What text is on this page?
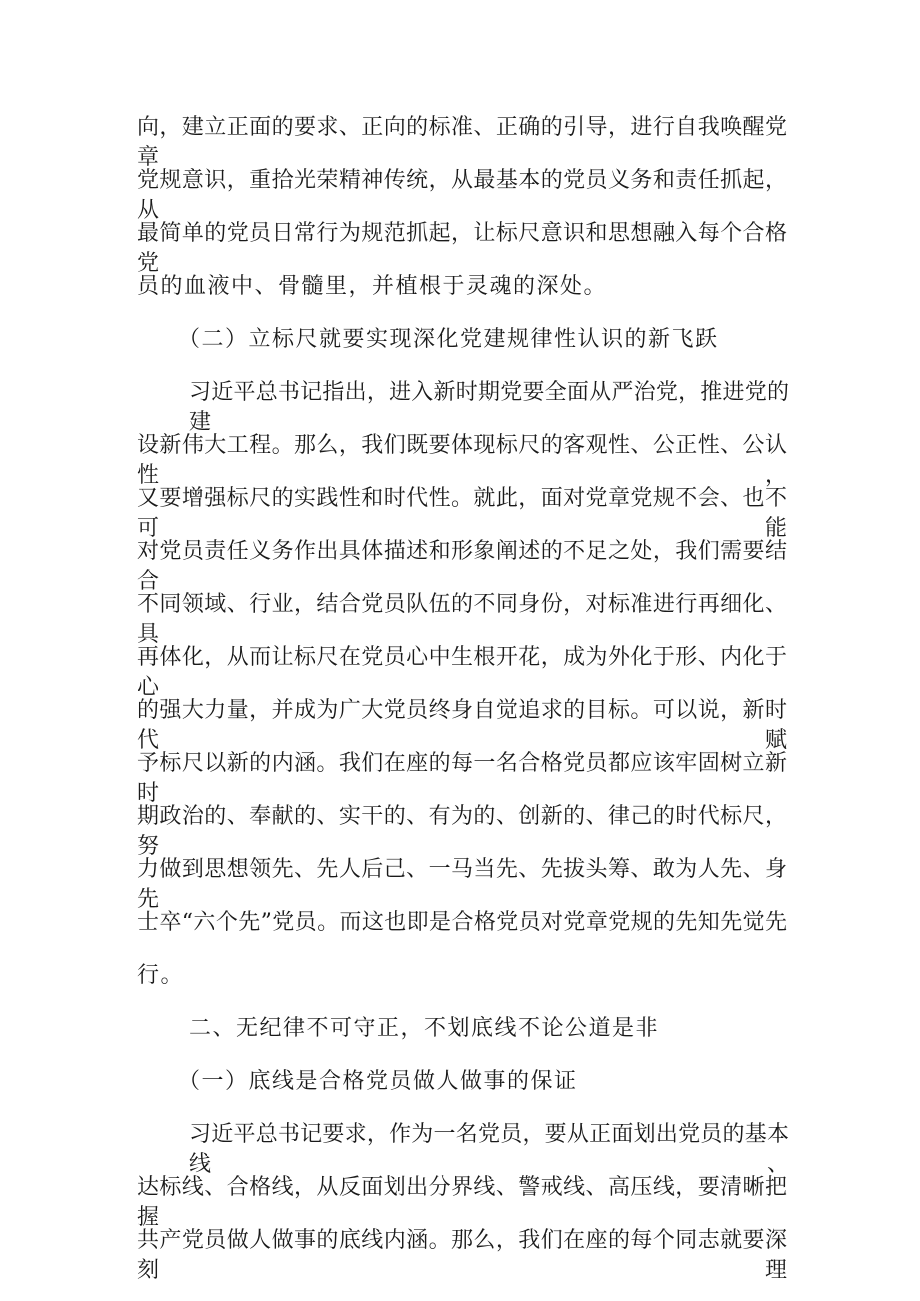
向，建立正面的要求、正向的标准、正确的引导，进行自我唤醒党章
党规意识，重拾光荣精神传统，从最基本的党员义务和责任抓起，从
最简单的党员日常行为规范抓起，让标尺意识和思想融入每个合格党
员的血液中、骨髓里，并植根于灵魂的深处。
（二）立标尺就要实现深化党建规律性认识的新飞跃
习近平总书记指出，进入新时期党要全面从严治党，推进党的建
设新伟大工程。那么，我们既要体现标尺的客观性、公正性、公认性，
又要增强标尺的实践性和时代性。就此，面对党章党规不会、也不可能
对党员责任义务作出具体描述和形象阐述的不足之处，我们需要结合
不同领域、行业，结合党员队伍的不同身份，对标准进行再细化、具
再体化，从而让标尺在党员心中生根开花，成为外化于形、内化于心
的强大力量，并成为广大党员终身自觉追求的目标。可以说，新时代赋
予标尺以新的内涵。我们在座的每一名合格党员都应该牢固树立新时
期政治的、奉献的、实干的、有为的、创新的、律己的时代标尺，努
力做到思想领先、先人后己、一马当先、先拔头筹、敢为人先、身先
士卒“六个先”党员。而这也即是合格党员对党章党规的先知先觉先
行。
二、无纪律不可守正，不划底线不论公道是非
（一）底线是合格党员做人做事的保证
习近平总书记要求，作为一名党员，要从正面划出党员的基本线、
达标线、合格线，从反面划出分界线、警戒线、高压线，要清晰把握
共产党员做人做事的底线内涵。那么，我们在座的每个同志就要深刻理
